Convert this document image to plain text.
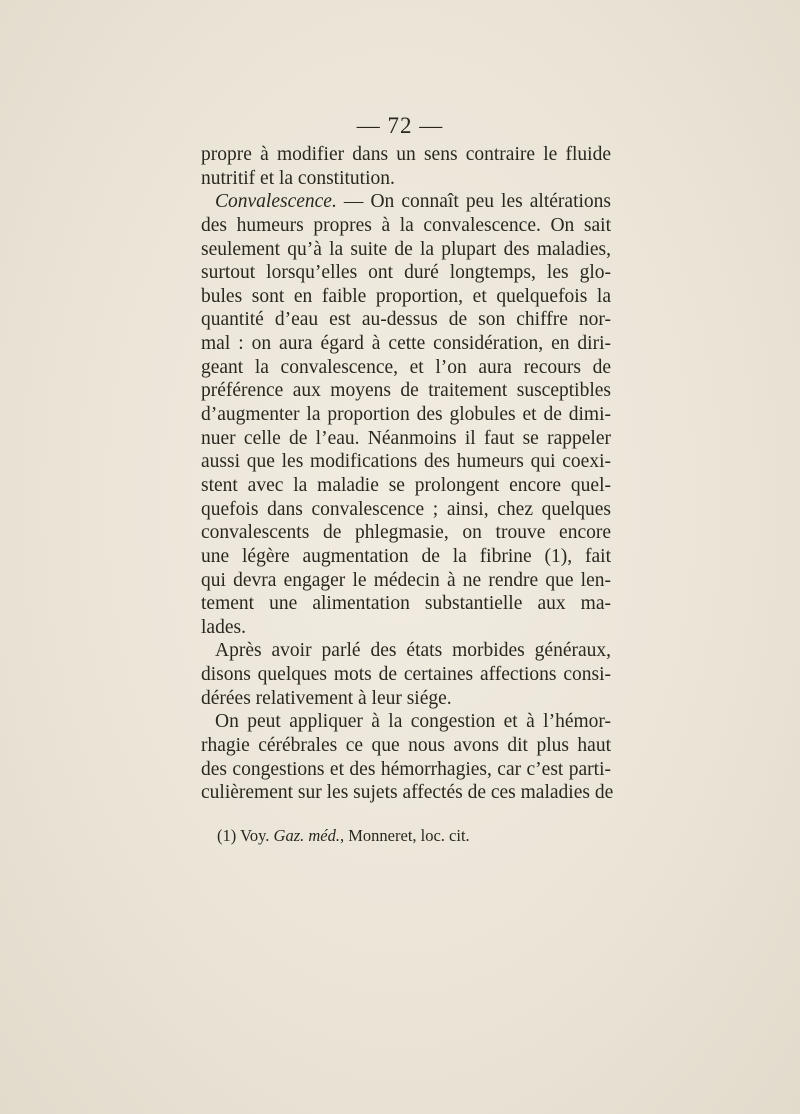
— 72 —
propre à modifier dans un sens contraire le fluide
nutritif et la constitution.
Convalescence. — On connaît peu les altérations
des humeurs propres à la convalescence. On sait
seulement qu’à la suite de la plupart des maladies,
surtout lorsqu’elles ont duré longtemps, les glo-
bules sont en faible proportion, et quelquefois la
quantité d’eau est au-dessus de son chiffre nor-
mal : on aura égard à cette considération, en diri-
geant la convalescence, et l’on aura recours de
préférence aux moyens de traitement susceptibles
d’augmenter la proportion des globules et de dimi-
nuer celle de l’eau. Néanmoins il faut se rappeler
aussi que les modifications des humeurs qui coexi-
stent avec la maladie se prolongent encore quel-
quefois dans convalescence ; ainsi, chez quelques
convalescents de phlegmasie, on trouve encore
une légère augmentation de la fibrine (1), fait
qui devra engager le médecin à ne rendre que len-
tement une alimentation substantielle aux ma-
lades.
Après avoir parlé des états morbides généraux,
disons quelques mots de certaines affections consi-
dérées relativement à leur siége.
On peut appliquer à la congestion et à l’hémor-
rhagie cérébrales ce que nous avons dit plus haut
des congestions et des hémorrhagies, car c’est parti-
culièrement sur les sujets affectés de ces maladies de
(1) Voy. Gaz. méd., Monneret, loc. cit.
